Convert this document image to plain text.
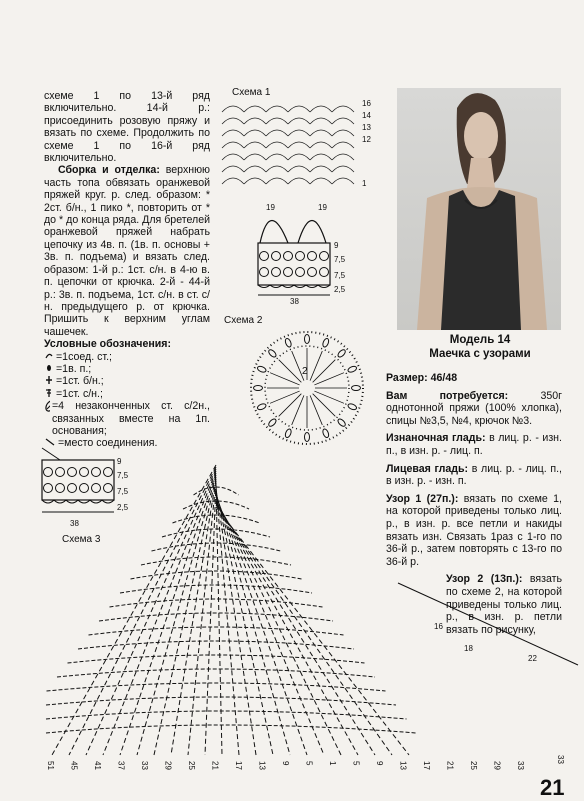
схеме 1 по 13-й ряд включительно. 14-й р.: присоединить розовую пряжу и вязать по схеме. Продолжить по схеме 1 по 16-й ряд включительно.

Сборка и отделка: верхнюю часть топа обвязать оранжевой пряжей круг. р. след. образом: * 2ст. б/н., 1 пико *, повторить от * до * до конца ряда. Для бретелей оранжевой пряжей набрать цепочку из 4в. п. (1в. п. основы + 3в. п. подъема) и вязать след. образом: 1-й р.: 1ст. с/н. в 4-ю в. п. цепочки от крючка. 2-й - 44-й р.: 3в. п. подъема, 1ст. с/н. в ст. с/н. предыдущего р. от крючка. Пришить к верхним углам чашечек.

Условные обозначения:

=1соед. ст.;
=1в. п.;
=1ст. б/н.;
=1ст. с/н.;
=4 незаконченных ст. с/2н., связанных вместе на 1п. основания;
=место соединения.
Модель 14
Маечка с узорами

Размер: 46/48

Вам потребуется:	350г однотонной пряжи (100% хлопка), спицы №3,5, №4, крючок №3.

Изнаночная гладь: в лиц. р. - изн. п., в изн. р. - лиц. п.

Лицевая гладь: в лиц. р. - лиц. п., в изн. р. - изн. п.

Узор 1 (27п.): вязать по схеме 1, на которой приведены только лиц. р., в изн. р. все петли и накиды вязать изн. Связать 1раз с 1-го по 36-й р., затем повторять с 13-го по 36-й р.

Узор 2 (13п.): вязать по схеме 2, на которой приведены только лиц. р., в изн. р. петли вязать по рисунку,

Схема 1
16
14
13
12
1
19	19
9
7,5
7,5
2,5
38
Схема 2
2
9
7,5
7,5
2,5
38
Схема 3
16
18
22
33
51 45 41 37 33 29 25 21 17 13 9 5 1 5 9 13 17 21 25 29 33
21
